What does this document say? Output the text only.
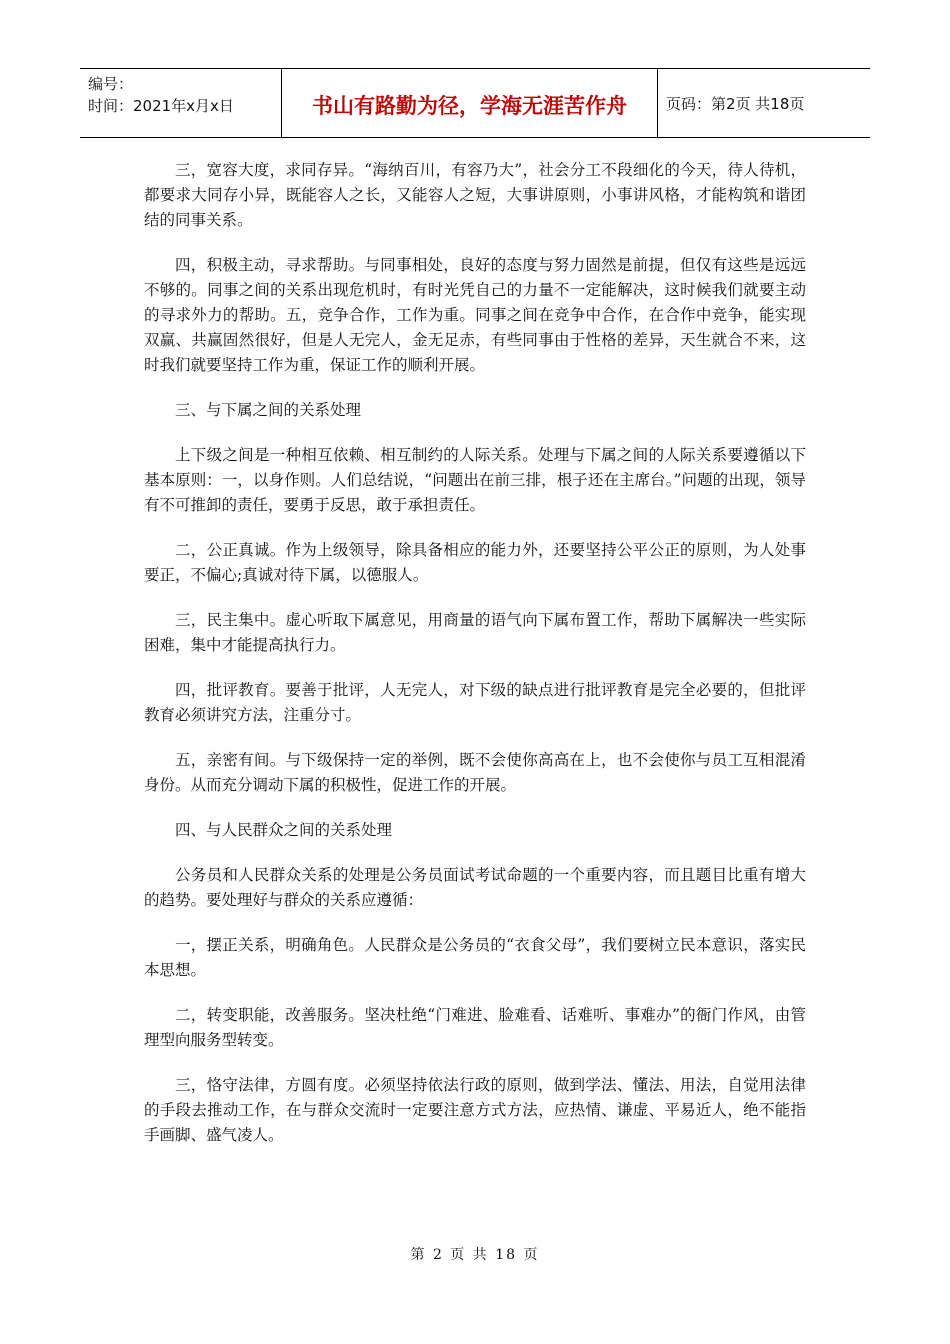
编号：
时间：2021年x月x日	书山有路勤为径，学海无涯苦作舟	页码：第2页 共18页

三，宽容大度，求同存异。“海纳百川，有容乃大”，社会分工不段细化的今天，待人待机，都要求大同存小异，既能容人之长，又能容人之短，大事讲原则，小事讲风格，才能构筑和谐团结的同事关系。

四，积极主动，寻求帮助。与同事相处，良好的态度与努力固然是前提，但仅有这些是远远不够的。同事之间的关系出现危机时，有时光凭自己的力量不一定能解决，这时候我们就要主动的寻求外力的帮助。五，竞争合作，工作为重。同事之间在竞争中合作，在合作中竞争，能实现双赢、共赢固然很好，但是人无完人，金无足赤，有些同事由于性格的差异，天生就合不来，这时我们就要坚持工作为重，保证工作的顺利开展。

三、与下属之间的关系处理

上下级之间是一种相互依赖、相互制约的人际关系。处理与下属之间的人际关系要遵循以下基本原则：一，以身作则。人们总结说，“问题出在前三排，根子还在主席台。”问题的出现，领导有不可推卸的责任，要勇于反思，敢于承担责任。

二，公正真诚。作为上级领导，除具备相应的能力外，还要坚持公平公正的原则，为人处事要正，不偏心;真诚对待下属，以德服人。

三，民主集中。虚心听取下属意见，用商量的语气向下属布置工作，帮助下属解决一些实际困难，集中才能提高执行力。

四，批评教育。要善于批评，人无完人，对下级的缺点进行批评教育是完全必要的，但批评教育必须讲究方法，注重分寸。

五，亲密有间。与下级保持一定的举例，既不会使你高高在上，也不会使你与员工互相混淆身份。从而充分调动下属的积极性，促进工作的开展。

四、与人民群众之间的关系处理

公务员和人民群众关系的处理是公务员面试考试命题的一个重要内容，而且题目比重有增大的趋势。要处理好与群众的关系应遵循：

一，摆正关系，明确角色。人民群众是公务员的“衣食父母”，我们要树立民本意识，落实民本思想。

二，转变职能，改善服务。坚决杜绝“门难进、脸难看、话难听、事难办”的衙门作风，由管理型向服务型转变。

三，恪守法律，方圆有度。必须坚持依法行政的原则，做到学法、懂法、用法，自觉用法律的手段去推动工作，在与群众交流时一定要注意方式方法，应热情、谦虚、平易近人，绝不能指手画脚、盛气凌人。

第 2 页 共 18 页
